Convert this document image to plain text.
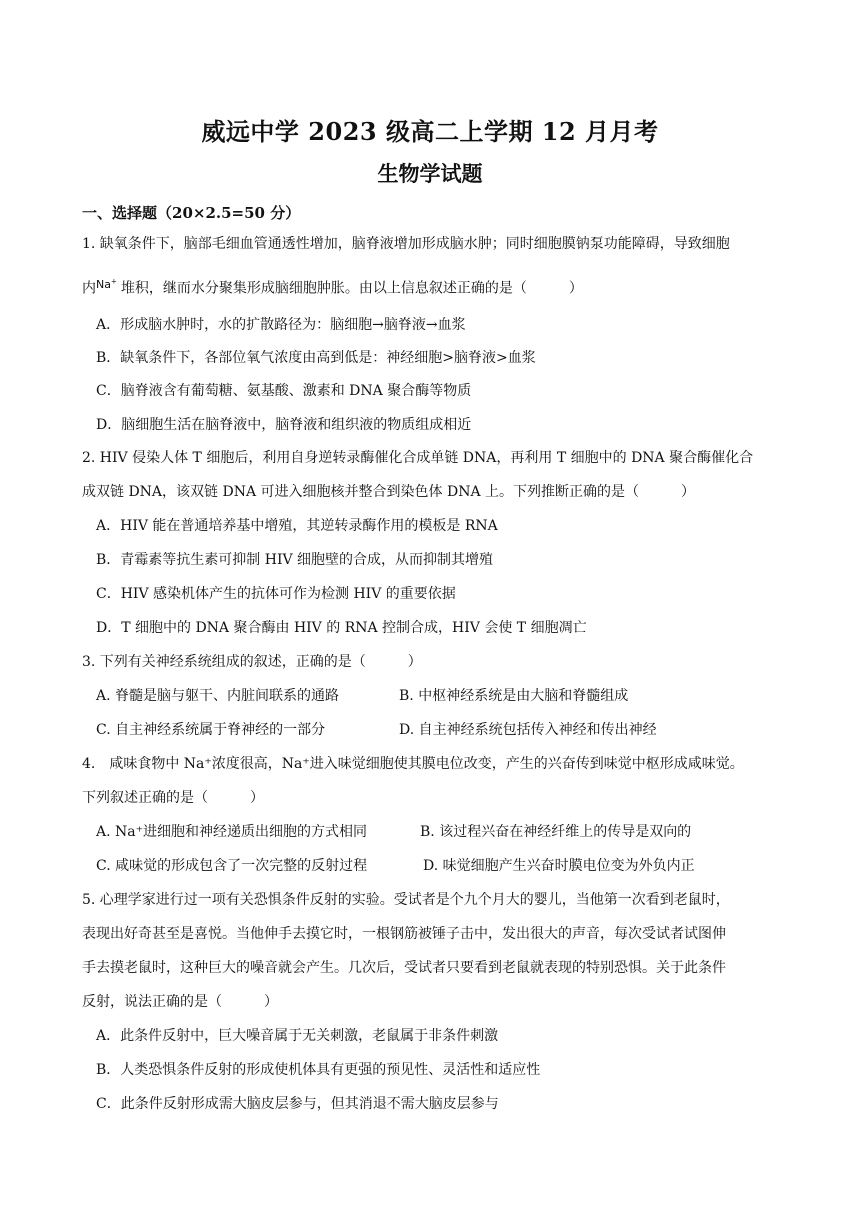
威远中学 2023 级高二上学期 12 月月考
生物学试题
一、选择题（20×2.5=50 分）
1. 缺氧条件下，脑部毛细血管通透性增加，脑脊液增加形成脑水肿；同时细胞膜钠泵功能障碍，导致细胞
内$^{Na^+}$ 堆积，继而水分聚集形成脑细胞肿胀。由以上信息叙述正确的是（　　　）
A．形成脑水肿时，水的扩散路径为：脑细胞→脑脊液→血浆
B．缺氧条件下，各部位氧气浓度由高到低是：神经细胞>脑脊液>血浆
C．脑脊液含有葡萄糖、氨基酸、激素和 DNA 聚合酶等物质
D．脑细胞生活在脑脊液中，脑脊液和组织液的物质组成相近
2. HIV 侵染人体 T 细胞后，利用自身逆转录酶催化合成单链 DNA，再利用 T 细胞中的 DNA 聚合酶催化合
成双链 DNA，该双链 DNA 可进入细胞核并整合到染色体 DNA 上。下列推断正确的是（　　　）
A．HIV 能在普通培养基中增殖，其逆转录酶作用的模板是 RNA
B．青霉素等抗生素可抑制 HIV 细胞壁的合成，从而抑制其增殖
C．HIV 感染机体产生的抗体可作为检测 HIV 的重要依据
D．T 细胞中的 DNA 聚合酶由 HIV 的 RNA 控制合成，HIV 会使 T 细胞凋亡
3. 下列有关神经系统组成的叙述，正确的是（　　　）
A. 脊髓是脑与躯干、内脏间联系的通路	B. 中枢神经系统是由大脑和脊髓组成
C. 自主神经系统属于脊神经的一部分	D. 自主神经系统包括传入神经和传出神经
4.　咸味食物中 Na⁺浓度很高，Na⁺进入味觉细胞使其膜电位改变，产生的兴奋传到味觉中枢形成咸味觉。
下列叙述正确的是（　　　）
A. Na⁺进细胞和神经递质出细胞的方式相同	B. 该过程兴奋在神经纤维上的传导是双向的
C. 咸味觉的形成包含了一次完整的反射过程	D. 味觉细胞产生兴奋时膜电位变为外负内正
5. 心理学家进行过一项有关恐惧条件反射的实验。受试者是个九个月大的婴儿，当他第一次看到老鼠时，
表现出好奇甚至是喜悦。当他伸手去摸它时，一根钢筋被锤子击中，发出很大的声音，每次受试者试图伸
手去摸老鼠时，这种巨大的噪音就会产生。几次后，受试者只要看到老鼠就表现的特别恐惧。关于此条件
反射，说法正确的是（　　　）
A．此条件反射中，巨大噪音属于无关刺激，老鼠属于非条件刺激
B．人类恐惧条件反射的形成使机体具有更强的预见性、灵活性和适应性
C．此条件反射形成需大脑皮层参与，但其消退不需大脑皮层参与
